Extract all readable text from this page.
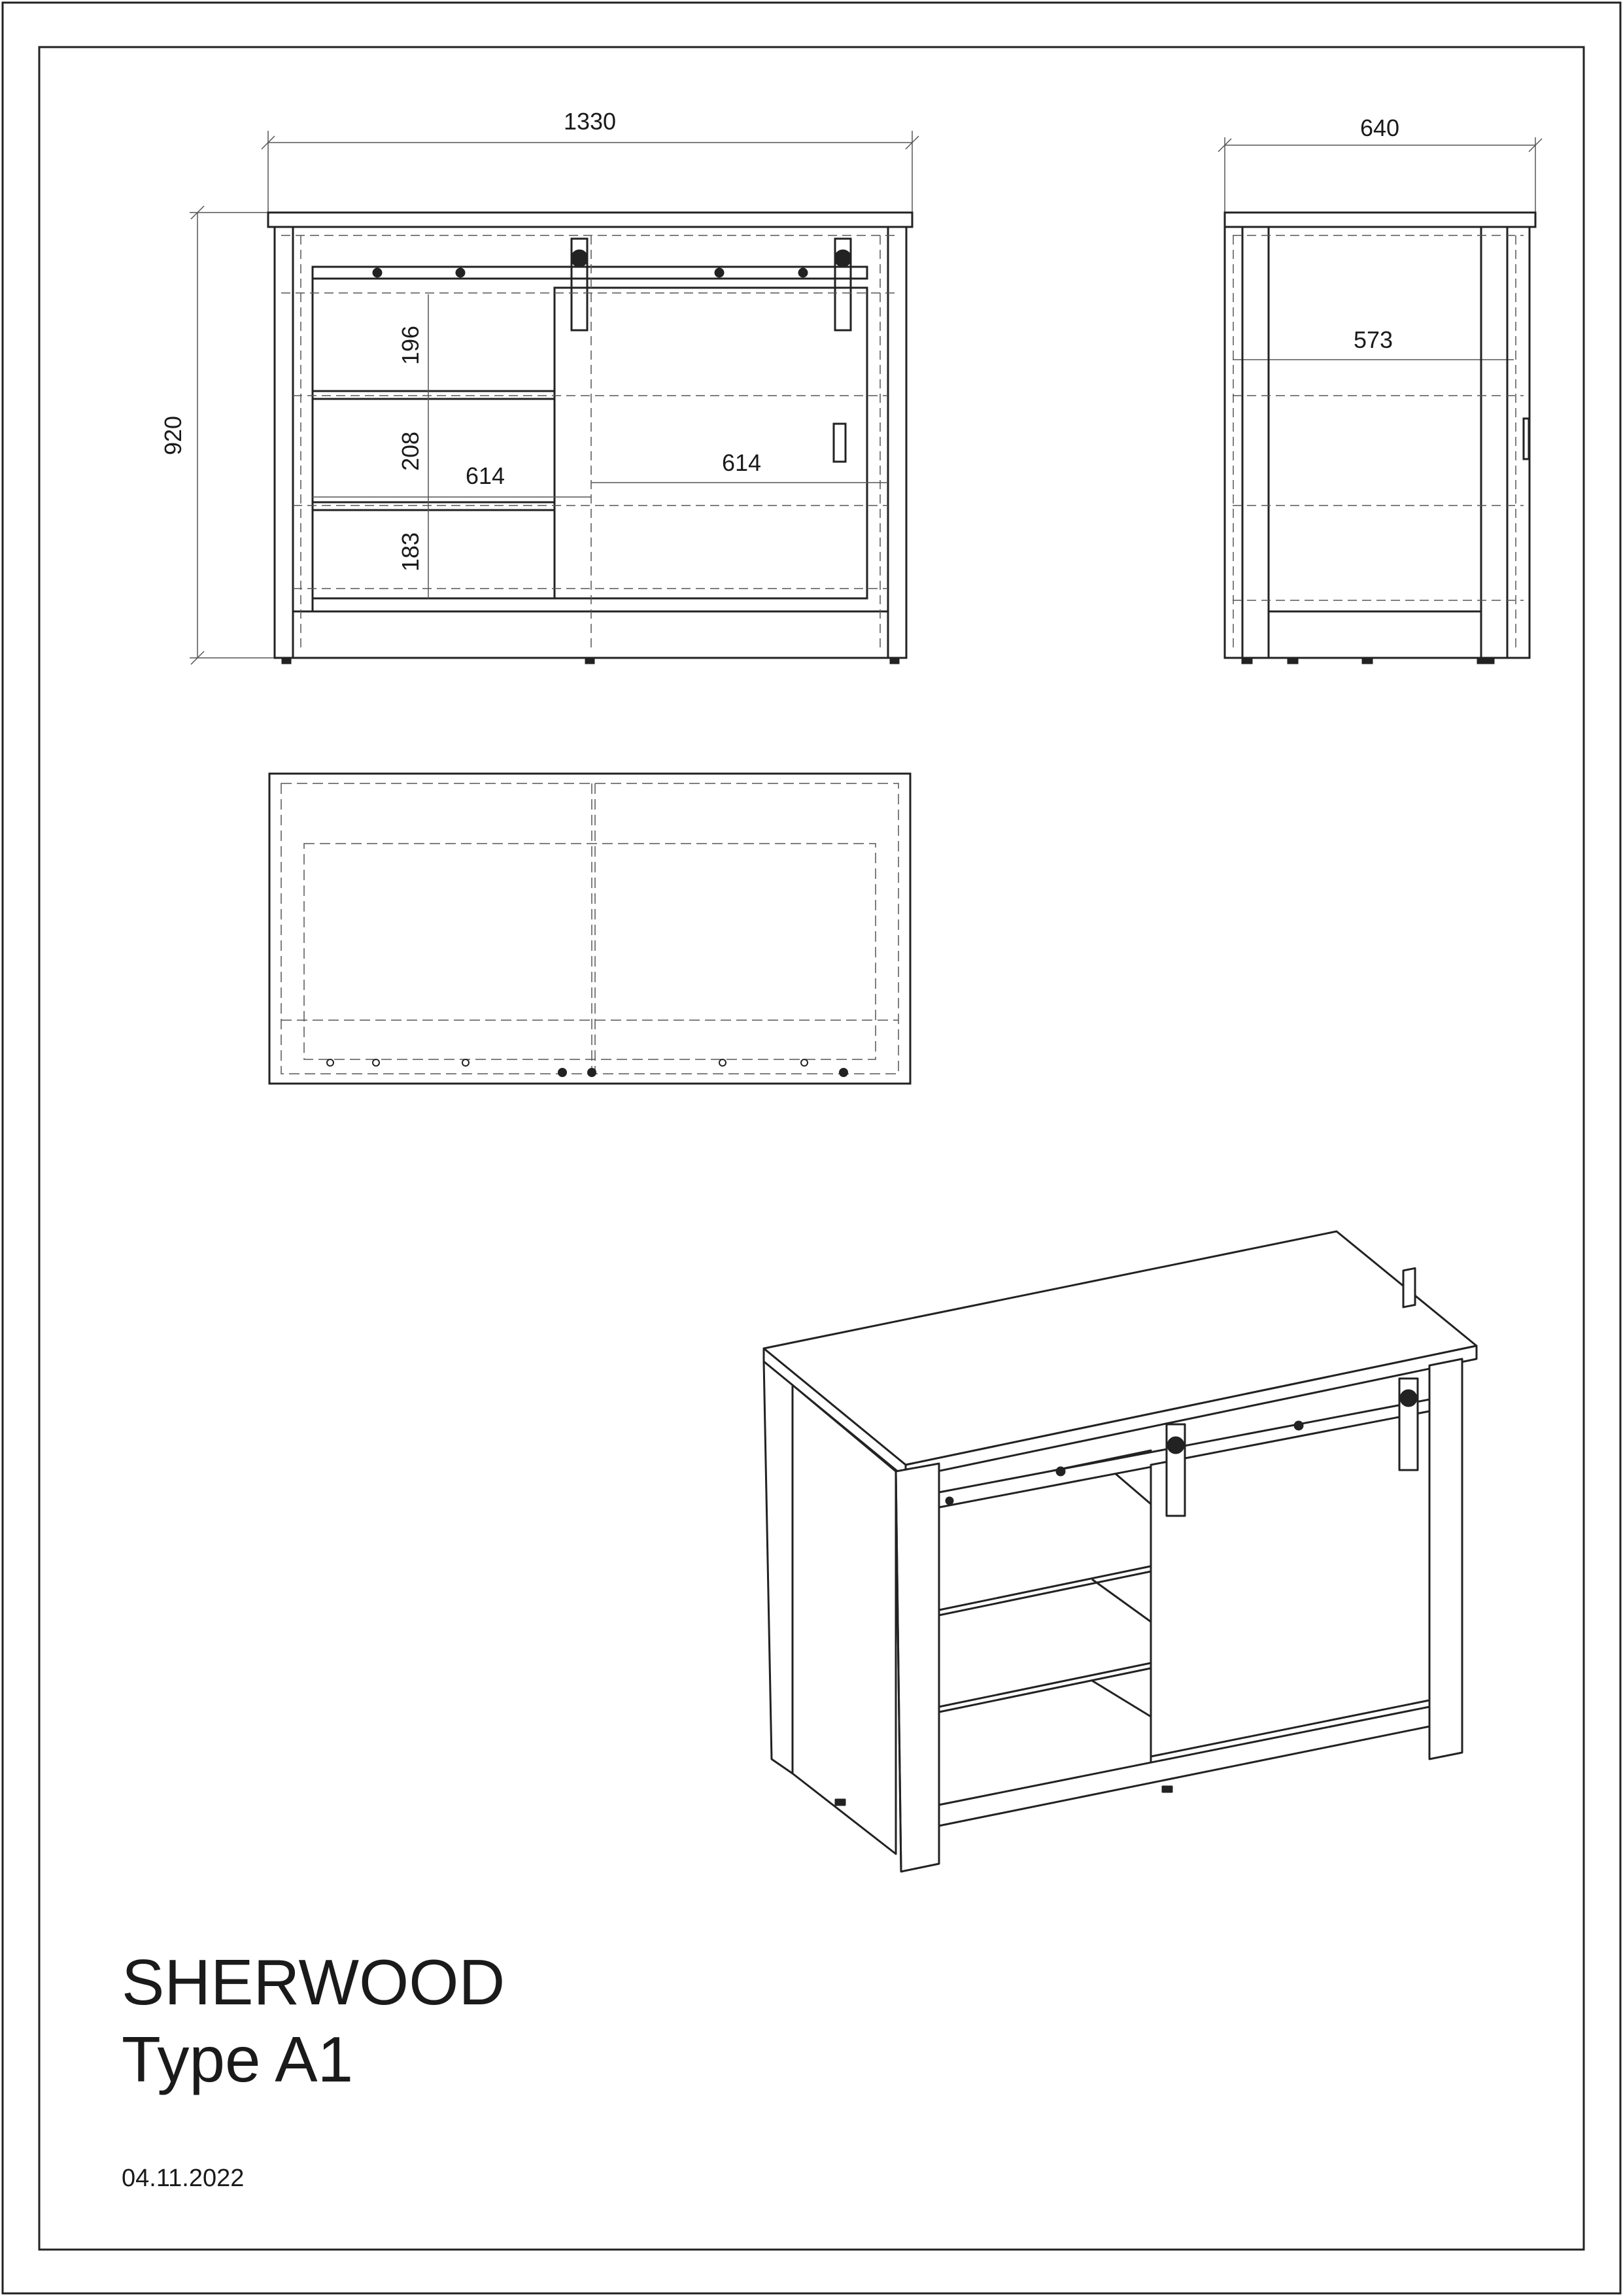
1330
920
196
208
183
614	614
640
573
SHERWOOD
Type A1
04.11.2022
